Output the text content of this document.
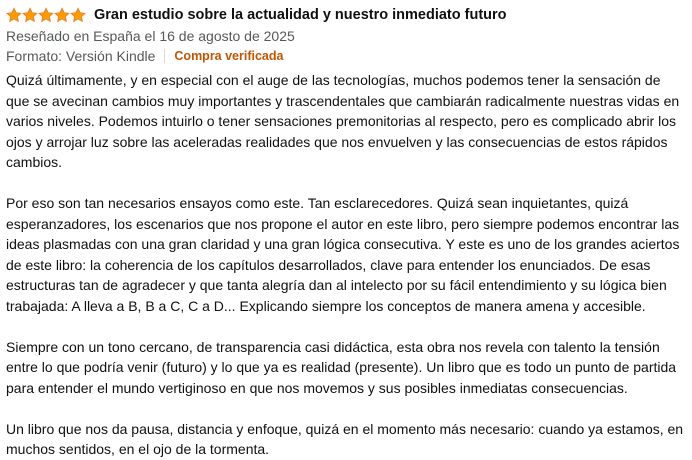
Gran estudio sobre la actualidad y nuestro inmediato futuro
Reseñado en España el 16 de agosto de 2025
Formato: Versión Kindle Compra verificada

Quizá últimamente, y en especial con el auge de las tecnologías, muchos podemos tener la sensación de que se avecinan cambios muy importantes y trascendentales que cambiarán radicalmente nuestras vidas en varios niveles. Podemos intuirlo o tener sensaciones premonitorias al respecto, pero es complicado abrir los ojos y arrojar luz sobre las aceleradas realidades que nos envuelven y las consecuencias de estos rápidos cambios.

Por eso son tan necesarios ensayos como este. Tan esclarecedores. Quizá sean inquietantes, quizá esperanzadores, los escenarios que nos propone el autor en este libro, pero siempre podemos encontrar las ideas plasmadas con una gran claridad y una gran lógica consecutiva. Y este es uno de los grandes aciertos de este libro: la coherencia de los capítulos desarrollados, clave para entender los enunciados. De esas estructuras tan de agradecer y que tanta alegría dan al intelecto por su fácil entendimiento y su lógica bien trabajada: A lleva a B, B a C, C a D... Explicando siempre los conceptos de manera amena y accesible.

Siempre con un tono cercano, de transparencia casi didáctica, esta obra nos revela con talento la tensión entre lo que podría venir (futuro) y lo que ya es realidad (presente). Un libro que es todo un punto de partida para entender el mundo vertiginoso en que nos movemos y sus posibles inmediatas consecuencias.

Un libro que nos da pausa, distancia y enfoque, quizá en el momento más necesario: cuando ya estamos, en muchos sentidos, en el ojo de la tormenta.
